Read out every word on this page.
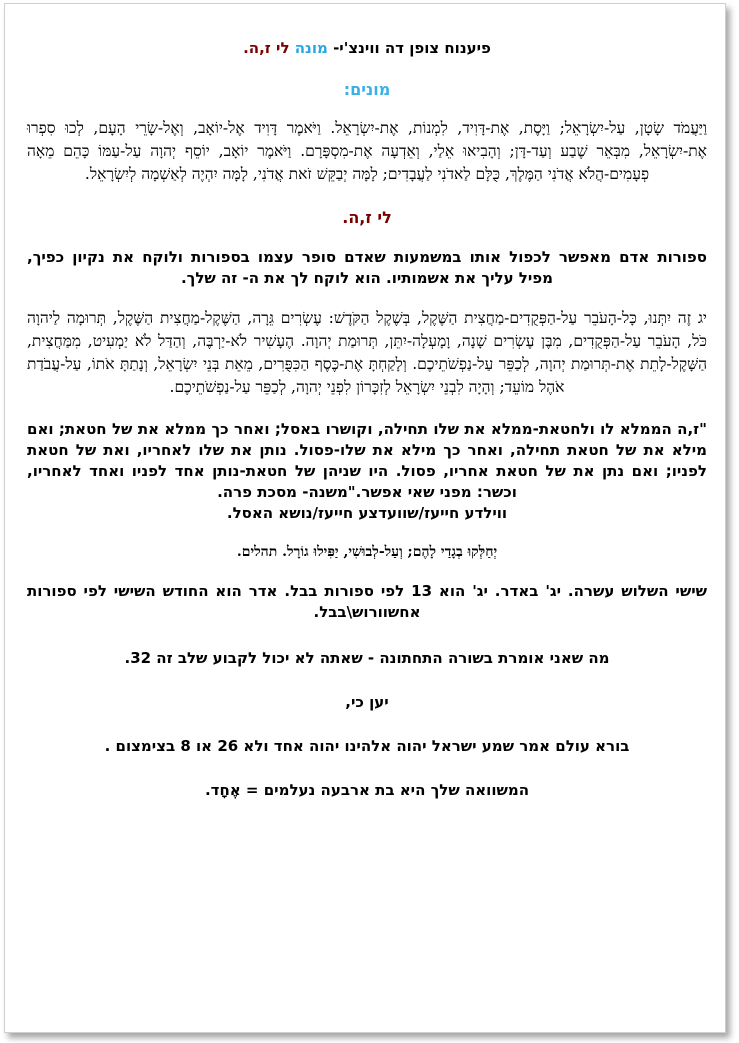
פיענוח צופן דה ווינצ'י- מונה לי ז,ה.
מונים:
וַיַּעֲמֹד שָׂטָן, עַל-יִשְׂרָאֵל; וַיָּסֶת, אֶת-דָּוִיד, לִמְנוֹת, אֶת-יִשְׂרָאֵל. וַיֹּאמֶר דָּוִיד אֶל-יוֹאָב, וְאֶל-שָׂרֵי הָעָם, לְכוּ סִפְרוּ אֶת-יִשְׂרָאֵל, מִבְּאֵר שֶׁבַע וְעַד-דָּן; וְהָבִיאוּ אֵלַי, וְאֵדְעָה אֶת-מִסְפָּרָם. וַיֹּאמֶר יוֹאָב, יוֹסֵף יְהוָה עַל-עַמּוֹ כָּהֵם מֵאָה פְעָמִים-הֲלֹא אֲדֹנִי הַמֶּלֶךְ, כֻּלָּם לַאדֹנִי לַעֲבָדִים; לָמָּה יְבַקֵּשׁ זֹאת אֲדֹנִי, לָמָּה יִהְיֶה לְאַשְׁמָה לְיִשְׂרָאֵל.
לי ז,ה.
ספורות אדם מאפשר לכפול אותו במשמעות שאדם סופר עצמו בספורות ולוקח את נקיון כפיך, מפיל עליך את אשמותיו. הוא לוקח לך את ה- זה שלך.
יג זֶה יִתְּנוּ, כָּל-הָעֹבֵר עַל-הַפְּקֻדִים-מַחֲצִית הַשֶּׁקֶל, בְּשֶׁקֶל הַקֹּדֶשׁ: עֶשְׂרִים גֵּרָה, הַשֶּׁקֶל-מַחֲצִית הַשֶּׁקֶל, תְּרוּמָה לַיהוָה כֹּל, הָעֹבֵר עַל-הַפְּקֻדִים, מִבֶּן עֶשְׂרִים שָׁנָה, וָמָעְלָה-יִתֵּן, תְּרוּמַת יְהוָה. הֶעָשִׁיר לֹא-יַרְבֶּה, וְהַדַּל לֹא יַמְעִיט, מִמַּחֲצִית, הַשָּׁקֶל-לָתֵת אֶת-תְּרוּמַת יְהוָה, לְכַפֵּר עַל-נַפְשֹׁתֵיכֶם. וְלָקַחְתָּ אֶת-כֶּסֶף הַכִּפֻּרִים, מֵאֵת בְּנֵי יִשְׂרָאֵל, וְנָתַתָּ אֹתוֹ, עַל-עֲבֹדַת אֹהֶל מוֹעֵד; וְהָיָה לִבְנֵי יִשְׂרָאֵל לְזִכָּרוֹן לִפְנֵי יְהוָה, לְכַפֵּר עַל-נַפְשֹׁתֵיכֶם.
"ז,ה הממלא לו ולחטאת-ממלא את שלו תחילה, וקושרו באסל; ואחר כך ממלא את של חטאת; ואם מילא את של חטאת תחילה, ואחר כך מילא את שלו-פסול. נותן את שלו לאחריו, ואת של חטאת לפניו; ואם נתן את של חטאת אחריו, פסול. היו שניהן של חטאת-נותן אחד לפניו ואחד לאחריו, וכשר: מפני שאי אפשר."משנה- מסכת פרה.
ווילדע חייעז/שוועדצע חייעז/נושא האסל.
יְחַלְּקוּ בְגָדַי לָהֶם; וְעַל-לְבוּשִׁי, יַפִּילוּ גוֹרָל. תהלים.
שישי השלוש עשרה. יג' באדר. יג' הוא 13 לפי ספורות בבל. אדר הוא החודש השישי לפי ספורות אחשוורוש\בבל.
מה שאני אומרת בשורה התחתונה - שאתה לא יכול לקבוע שלב זה 32.
יען כי,
בורא עולם אמר שמע ישראל יהוה אלהינו יהוה אחד ולא 26 או 8 בצימצום .
המשוואה שלך היא בת ארבעה נעלמים = אֶחָד.
